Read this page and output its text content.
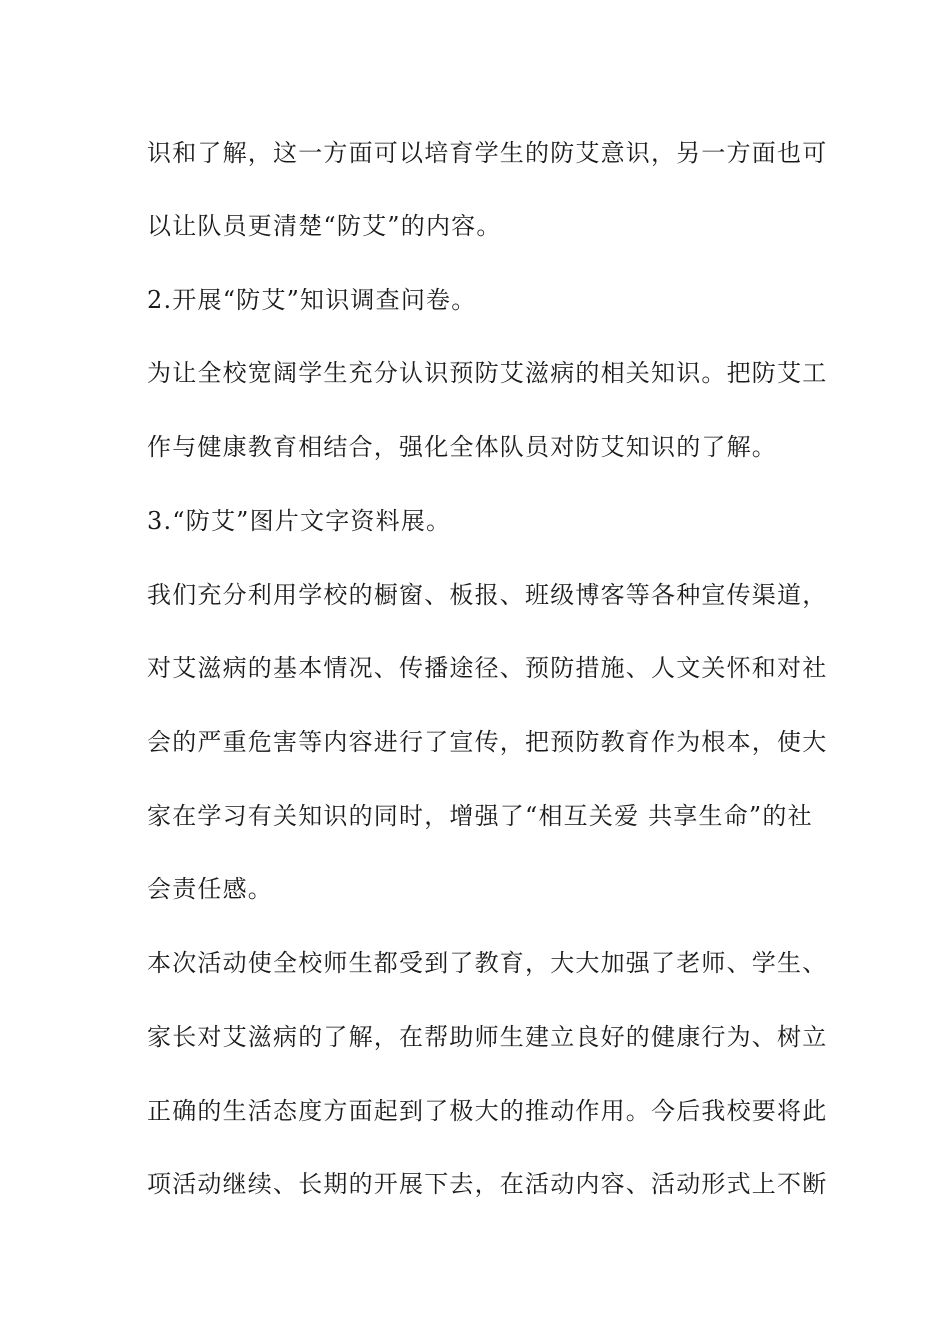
识和了解，这一方面可以培育学生的防艾意识，另一方面也可

以让队员更清楚“防艾”的内容。

2.开展“防艾”知识调查问卷。

为让全校宽阔学生充分认识预防艾滋病的相关知识。把防艾工

作与健康教育相结合，强化全体队员对防艾知识的了解。

3.“防艾”图片文字资料展。

我们充分利用学校的橱窗、板报、班级博客等各种宣传渠道，

对艾滋病的基本情况、传播途径、预防措施、人文关怀和对社

会的严重危害等内容进行了宣传，把预防教育作为根本，使大

家在学习有关知识的同时，增强了“相互关爱 共享生命”的社

会责任感。

本次活动使全校师生都受到了教育，大大加强了老师、学生、

家长对艾滋病的了解，在帮助师生建立良好的健康行为、树立

正确的生活态度方面起到了极大的推动作用。今后我校要将此

项活动继续、长期的开展下去，在活动内容、活动形式上不断
